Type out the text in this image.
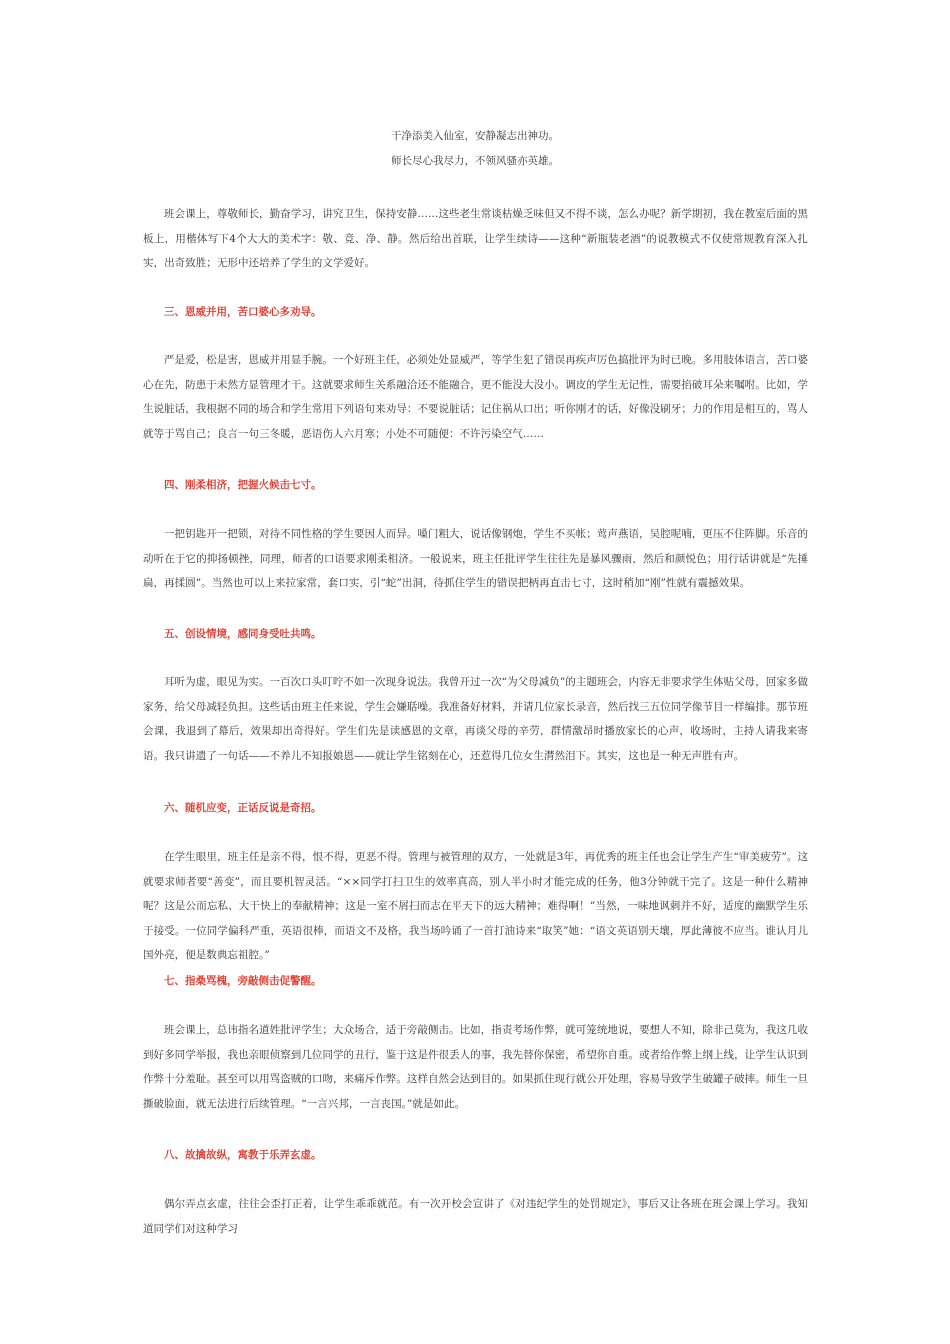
干净添美入仙室，安静凝志出神功。
师长尽心我尽力，不领风骚亦英雄。

班会课上，尊敬师长，勤奋学习，讲究卫生，保持安静……这些老生常谈枯燥乏味但又不得不谈，怎么办呢？新学期初，我在教室后面的黑板上，用楷体写下4个大大的美术字：敬、竞、净、静。然后给出首联，让学生续诗——这种“新瓶装老酒”的说教模式不仅使常规教育深入扎实，出奇致胜；无形中还培养了学生的文学爱好。

三、恩威并用，苦口婆心多劝导。

严是爱，松是害，恩威并用显手腕。一个好班主任，必须处处显威严，等学生犯了错误再疾声厉色搞批评为时已晚。多用肢体语言，苦口婆心在先，防患于未然方显管理才干。这就要求师生关系融洽还不能融合，更不能没大没小。调皮的学生无记性，需要掐破耳朵来嘱咐。比如，学生说脏话，我根据不同的场合和学生常用下列语句来劝导：不要说脏话；记住祸从口出；听你刚才的话，好像没刷牙；力的作用是相互的，骂人就等于骂自己；良言一句三冬暖，恶语伤人六月寒；小处不可随便：不许污染空气……

四、刚柔相济，把握火候击七寸。

一把钥匙开一把锁，对待不同性格的学生要因人而异。嗓门粗大，说话像钢炮，学生不买帐；莺声燕语，吴腔呢喃，更压不住阵脚。乐音的动听在于它的抑扬顿挫，同理，师者的口语要求刚柔相济。一般说来，班主任批评学生往往先是暴风骤雨，然后和颜悦色；用行话讲就是“先捶扁，再揉圆”。当然也可以上来拉家常，套口实，引“蛇”出洞，待抓住学生的错误把柄再直击七寸，这时稍加“刚”性就有震撼效果。

五、创设情境，感同身受吐共鸣。

耳听为虚，眼见为实。一百次口头叮咛不如一次现身说法。我曾开过一次“为父母减负”的主题班会，内容无非要求学生体贴父母，回家多做家务，给父母减轻负担。这些话由班主任来说，学生会嫌聒噪。我准备好材料，并请几位家长录音，然后找三五位同学像节目一样编排。那节班会课，我退到了幕后，效果却出奇得好。学生们先是读感恩的文章，再谈父母的辛劳，群情激昂时播放家长的心声，收场时，主持人请我来寄语。我只讲遗了一句话——不养儿不知报娘恩——就让学生铭刻在心，还惹得几位女生潸然泪下。其实，这也是一种无声胜有声。

六、随机应变，正话反说是奇招。

在学生眼里，班主任是亲不得，恨不得，更恶不得。管理与被管理的双方，一处就是3年，再优秀的班主任也会让学生产生“审美疲劳”。这就要求师者要“善变”，而且要机智灵活。“××同学打扫卫生的效率真高，别人半小时才能完成的任务，他3分钟就干完了。这是一种什么精神呢？这是公而忘私、大干快上的奉献精神；这是一室不屑扫而志在平天下的远大精神；难得啊！”当然，一味地讽刺并不好，适度的幽默学生乐于接受。一位同学偏科严重，英语很棒，而语文不及格，我当场吟诵了一首打油诗来“取笑”她：“语文英语别天壤，厚此薄彼不应当。谁认月儿国外亮，便是数典忘祖腔。”

七、指桑骂槐，旁敲侧击促警醒。

班会课上，总讳指名道姓批评学生；大众场合，适于旁敲侧击。比如，指责考场作弊，就可笼统地说，要想人不知，除非己莫为，我这几收到好多同学举报，我也亲眼侦察到几位同学的丑行，鉴于这是件很丢人的事，我先替你保密，希望你自重。或者给作弊上纲上线，让学生认识到作弊十分羞耻。甚至可以用骂盗贼的口吻，来痛斥作弊。这样自然会达到目的。如果抓住现行就公开处理，容易导致学生破罐子破摔。师生一旦撕破脸面，就无法进行后续管理。“一言兴邦，一言丧国。”就是如此。

八、故擒故纵，寓教于乐弄玄虚。

偶尔弄点玄虚，往往会歪打正着，让学生乖乖就范。有一次开校会宣讲了《对违纪学生的处罚规定》，事后又让各班在班会课上学习。我知道同学们对这种学习
